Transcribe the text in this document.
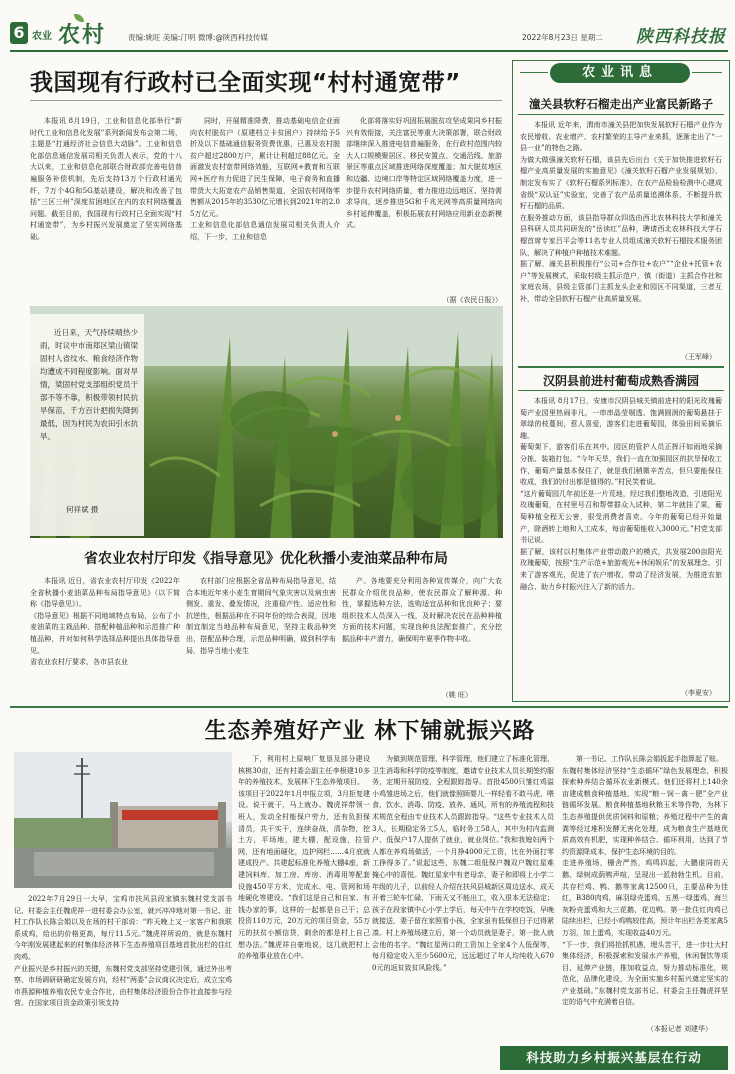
6 农业 农村	责编:姚旺 美编:汀明 微博:@陕西科技传媒	2022年8月23日 星期二 陕西科技报
我国现有行政村已全面实现“村村通宽带”

本报讯 8月19日，工业和信息化部举行“新时代工业和信息化发展”系列新闻发布会第二场，主题是“打通经济社会信息大动脉”。工业和信息化部信息通信发展司相关负责人表示，党的十八大以来，工业和信息化部联合财政部完善电信普遍服务补偿机制，先后支持13万个行政村通光纤，7万个4G和5G基站建设，解决和改善了包括“三区三州”深度贫困地区在内的农村网络覆盖问题。截至目前，我国现有行政村已全面实现“村村通宽带”，为乡村振兴发展奠定了坚实网络基础。

同时，开展精准降费，推动基础电信企业面向农村脱贫户（原建档立卡贫困户）持续给予5折及以下基础通信服务资费优惠，已惠及农村脱贫户超过2800万户，累计让利超过88亿元。全面激发农村宽带网络效能，互联网+教育和互联网+医疗有力促进了民生保障，电子商务和直播带货大大拓宽农产品销售渠道，全国农村网络零售额从2015年的3530亿元增长到2021年的2.05万亿元。
工业和信息化部信息通信发展司相关负责人介绍，下一步，工业和信息

化部将落实好巩固拓展脱贫攻坚成果同乡村振兴有效衔接，关注富民等重大决策部署，联合财政部继续深入推进电信普遍服务，在行政村范围内较大人口规模聚居区、移民安置点、交通沿线、旅游景区等重点区域推进网络深度覆盖；加大脱贫地区和边疆、边境口岸等特定区域网络覆盖力度，进一步提升农村网络质量，着力推进边远地区、坚持需求导向，逐步推进5G和千兆光网等高质量网络向乡村延伸覆盖，积极拓展农村网络应用新业态新模式。

（据《农民日报》）
近日来，天气持续晴热少雨，时议中市南郑区梁山镇梁固村人省纹水、粮食经济作物均遭成不同程度影响。面对旱情，梁固村党支部组织党员干部不等不靠，积极带领村民抗旱保苗，千方百计把损失降到最低，因为村民为农田引水抗旱。
何祥斌 摄
省农业农村厅印发《指导意见》优化秋播小麦油菜品种布局

本报讯 近日，省农业农村厅印发《2022年全省秋播小麦油菜品种布局指导意见》（以下简称《指导意见》）。
《指导意见》根据不同地域特点布局，公布了小麦油菜的主栽品种、搭配种植品种和示范推广种植品种，并对如何科学选择品种提出具体指导意见。
省农业农村厅要求，各市县农业

农村部门应根据全省品种布局指导意见，结合本地近年来小麦生育期间气象灾害以及病虫害侧发、重发、叠发情况，注重稳产性、适应性和抗逆性，根据品种在不同年份的综合表现，因地制宜制定当地品种布局意见，坚持主栽品种突出，搭配品种合理，示范品种明确，做到科学布局，指导当地小麦生

产。各地要充分利用各种宣传媒介，向广大农民群众介绍优良品种，使农民群众了解种源、种性，掌握选种方法，选购适宜品种和优良种子；要组织技术人员深入一线，及时解决农民在品种种植方面的技术问题，实现良种良法配套推广，充分挖掘品种丰产潜力，确保明年夏季作物丰收。

（姚 旺）
农业讯息
潼关县软籽石榴走出产业富民新路子

本报讯 近年来，渭南市潼关县把加快发展软籽石榴产业作为农民增收、农业增产、农村繁荣的主导产业来抓，逐渐走出了“一县一业”的特色之路。
为做大做强潼关软籽石榴，该县先后出台《关于加快推进软籽石榴产业高质量发展的实施意见》《潼关软籽石榴产业发展规划》，制定发布实了《软籽石榴系列标准》，在农产品检验检测中心建成省级“双认证”实验室，完善了农产品质量追溯体系，不断提升软籽石榴的品质。
在服务推动方面，该县指导群众四选由西北农林科技大学和潼关县科研人员共同研发的“岳读红”品种，聘请西北农林科技大学石榴首席专家吕平会等11名专业人员组成潼关软籽石榴技术服务团队，解决了种植户种植技术难题。
据了解，潼关县积极推行“公司+合作社+农户”“企业+托管+农户”等发展模式，采取村级主抓示范户，镇（街道）主抓合作社和家庭农场，县级主管部门主抓龙头企业和园区不同渠道，三者互补，带动全县软籽石榴产业高质量发展。

（王军峰）
汉阴县前进村葡萄成熟香满园

本报讯 8月17日，安康市汉阴县城关镇前进村的阳光玫瑰葡萄产业园里热闹非凡，一串串晶莹剔透、饱满圆润的葡萄悬挂于翠绿的枝蔓间，惹人喜爱，游客们走进葡萄园，体验田间采摘乐趣。
葡萄架下，游客们乐在其中。园区的管护人员正挥汗如雨地采摘分拣、装箱打包。“今年天旱，我们一直在加强园区的抗旱保收工作，葡萄产量基本保住了，就是我们稍微辛苦点，但只要能保住收成，我们的付出都是值得的。”村民笑着说。
“这片葡萄园几年前还是一片荒地，经过我们整地改造，引进阳光玫瑰葡萄，在村里号召和帮带群众入试种，第二年就挂了果，葡萄种植全程无公害，很受消费者喜欢。今年的葡萄已经开始量产，除酒转上地和入工成本，每亩葡萄能收入3000元。”村党支部书记说。
据了解，该村以村集体产业带动散户的模式，共发展200亩阳光玫瑰葡萄，按照“生产示范+旅游观光+休闲娱乐”的发展理念，引来了游客观光，促进了农户增收，带动了经济发展，为推进农旅融合、助力乡村振兴注入了新的活力。

（李夏安）
生态养殖好产业 林下铺就振兴路

2022年7月29日一大早，宝鸡市扶风县段家镇东魏村党支部书记、村委会主任魏虎祥一进村委会办公室，就兴冲冲地对第一书记、驻村工作队长陈会娟以及在场的村干部说：“昨天晚上又一家客户和我联系成鸡，给出的价格更高，每斤11.5元。”魏虎祥所说的，就是东魏村今年刚发展建起来的村集体经济林下生态养殖项目基地首批出栏的住红肉鸡。
产业振兴是乡村振兴的关键，东魏村党支部坚持党建引领，通过外出考察、市场调研研确定发展方向，经村“两委”会议商议决定后，成立宝鸡市燕源种植养殖农民专业合作社，由村集体经济股份合作社直接参与经营。在国家项目资金政策引领支持

下，利用村上原响厂复垦及部分建设核桃30亩，还有村委会副主任李根建10多年的养殖技术，发展林下生态养殖项目。
该项目于2022年1月申报立项，3月拒复建设。说干就干，马上就办。魏虎祥带领一班人，发动全村能保户劳力，还有负担保清员，共干实干，连续奋战，清杂物，挖土方，平场地，建大棚，配设施，拉管网，还有地面硬化，边护网栏……4月底就建成投产。共建起标准化养殖大棚4座，新建饲料库、加工房、库房、消毒用等配套设施450平方米，完成水、电、管网和场地硬化等建设。“我们这是自己和自家、有钱办家的事，这样的一起都是自己干；总投资110万元，20万元的项目资金，55万元的扶贫小额信贷，剩余的都是村上自己想办法。”魏虎祥自豪地说，这几就把村上的养殖事业放在心中。

为做到规范管理、科学管理，他们建立了标准化管理、卫生消毒和科学防疫等制度，邀请专业技术人员长期签约服务，定期开展防疫，全程跟踪指导。首批4500只雏红鸡溢小鸡雏进场之后，他们就像照顾婴儿一样轻看不敢马虎，喂食、饮水、消毒、防疫、放养、通风，所有的养殖流程和技术规范全程由专业技术人员跟踪指导。“这些专业技术人员3人，长期稳定务工5人，临时务工58人，其中为村内监测户、低保户17人提供了就业，就业岗位。”我和我媳妇两个人都在养鸡场做活，一个月挣4000元工资，比在外面打零工挣得多了。”说起这些，东魏二组低保户魏双户魏红星难掩心中的喜悦。魏红星家中有老母亲，妻子和即将上小学二年级的儿子，以前经人介绍在扶风县城新区周边送水，成天开着三轮车忙碌，下雨天又不能出工，收入很本无法稳定；孩子在段家镇中心小学上学后，每天中午在学校吃饭，早晚就接送，妻子留在家照看小孩，全家虽有低保但日子过得紧凑。村上养殖场建立后，第一个动员就是妻子，第一批人就会他的名字。“魏红星两口的工资加上全家4个人低保等，每月稳定收入至少5600元，远远超过了年人均纯收入6700元的返贫致贫风险线。”

第一书记、工作队长陈会娟扳起手指算起了账。
东魏村集体经济坚持“生态循环”绿色发展理念，积极探索种养结合循环农业新模式。他们还将村上140余亩建成粮食种植基地，实现“粮－饲－禽－肥”全产业链循环发展。粮食种植基地秋粮玉米等作物，为林下生态养殖提供优质饲料和原粮；养殖过程中产生的禽粪等经过堆积发酵无害化处理，成为粮食生产基地优质高效有机肥，实现种养结合、循环利用，达到了节约资源降成本，保护生态环境的目的。
走进养殖场，栅舍严然，鸡鸣四起，大鹏谁同的天鹅、绿树成荫鸭声喧，呈现出一派勃勃生机。目前，共存栏鸡、鸭、鹅等家禽12500只，主要品种为佳红，B380肉鸡，麻羽绿壳蛋鸡，五黑一绿蛋鸡，海兰灰粉壳蛋鸡和大三花鹅，花边鸭。第一批住红肉鸡已陆续出栏，已经小鸡鸭较佳高，预计年出栏各类家禽5万羽，加上蛋鸡，实现收益40万元。
“下一步，我们将抢抓机遇，埋头苦干，进一步壮大村集体经济，积极探索和发展水产养殖，休闲餐饮等项目，延伸产业链，推加收益点，努力推动标准化，规范化，品牌化建设，为全面实施乡村振兴奠定坚实的产业基础。”东魏村党支部书记、村委会主任魏虎祥坚定的语气中充满着自信。

（本报记者 刘建华）
科技助力乡村振兴基层在行动
